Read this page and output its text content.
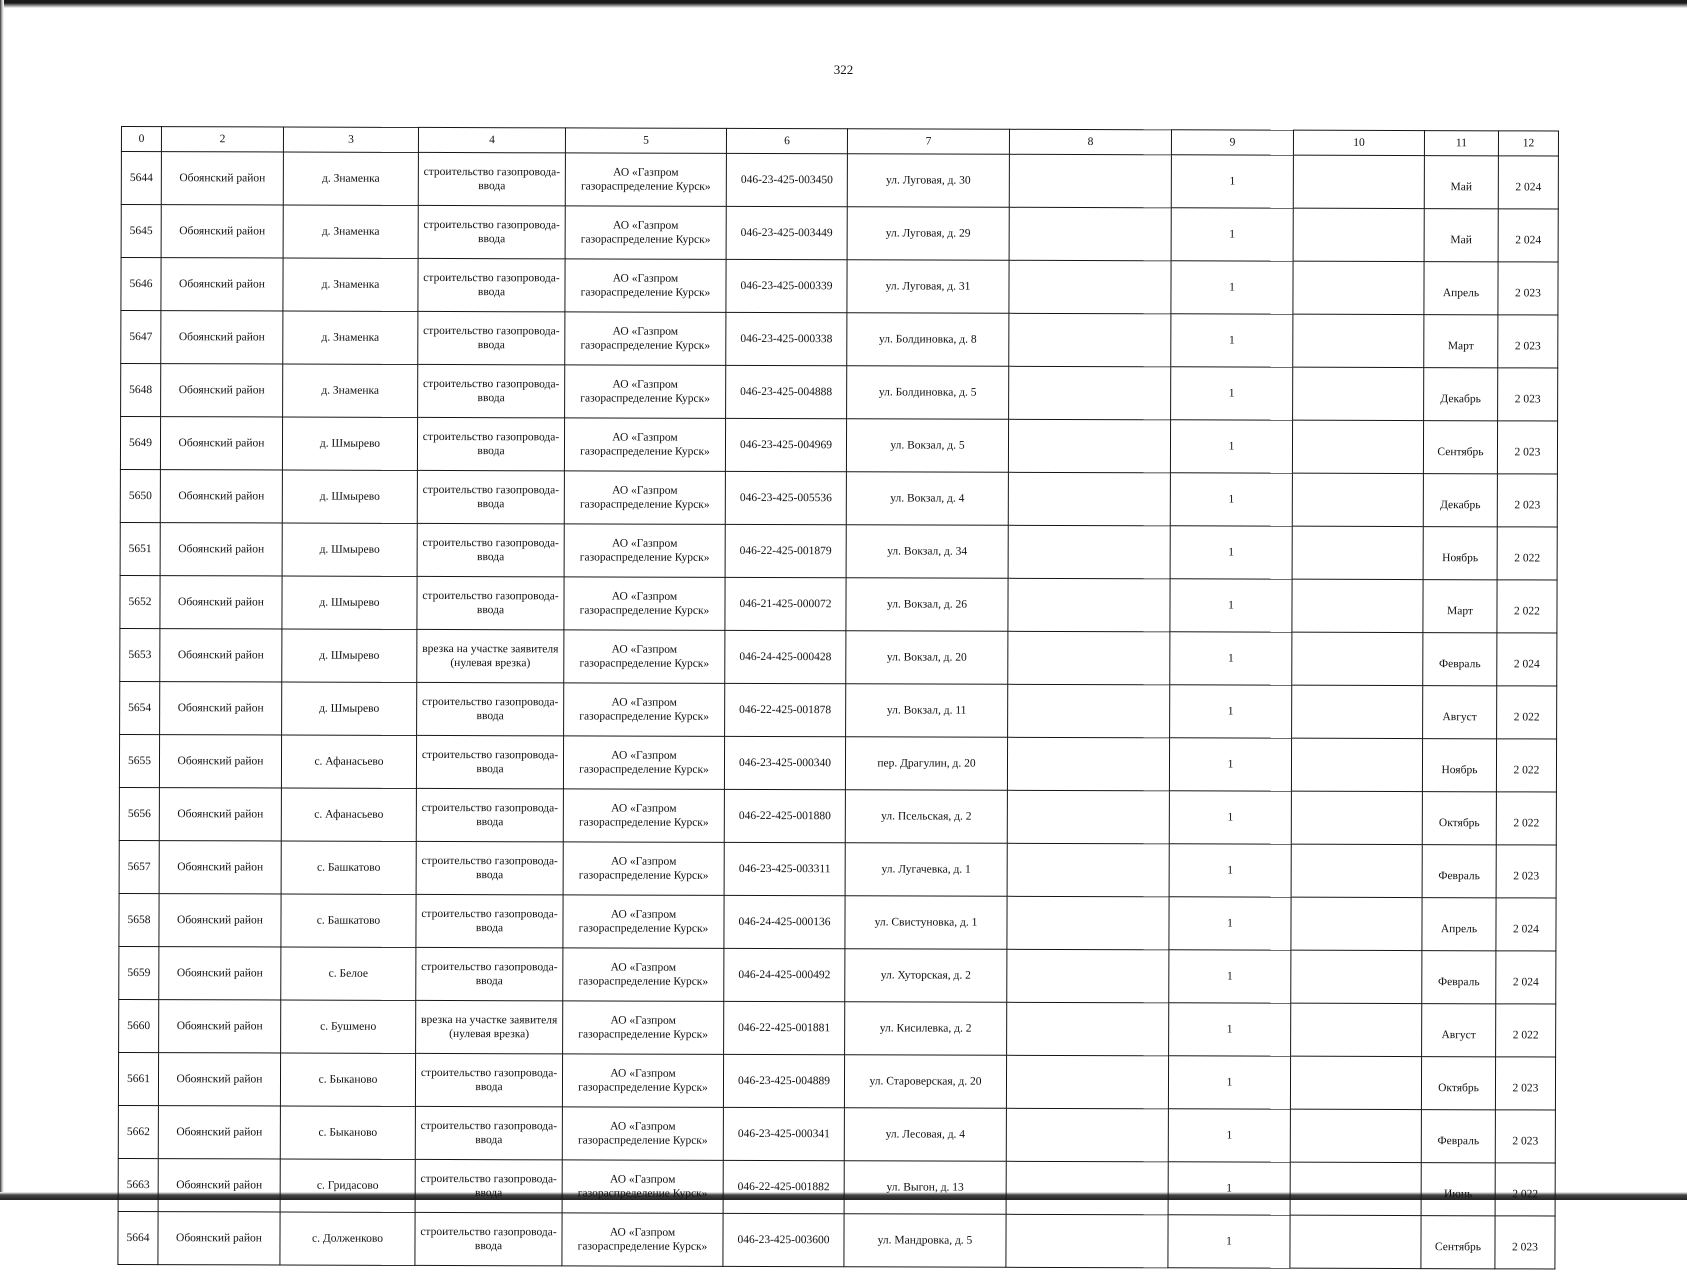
322
0	2	3	4	5	6	7	8	9	10	11	12
5644	Обоянский район	д. Знаменка	строительство газопровода-ввода	АО «Газпром газораспределение Курск»	046-23-425-003450	ул. Луговая, д. 30		1		Май	2 024
5645	Обоянский район	д. Знаменка	строительство газопровода-ввода	АО «Газпром газораспределение Курск»	046-23-425-003449	ул. Луговая, д. 29		1		Май	2 024
5646	Обоянский район	д. Знаменка	строительство газопровода-ввода	АО «Газпром газораспределение Курск»	046-23-425-000339	ул. Луговая, д. 31		1		Апрель	2 023
5647	Обоянский район	д. Знаменка	строительство газопровода-ввода	АО «Газпром газораспределение Курск»	046-23-425-000338	ул. Болдиновка, д. 8		1		Март	2 023
5648	Обоянский район	д. Знаменка	строительство газопровода-ввода	АО «Газпром газораспределение Курск»	046-23-425-004888	ул. Болдиновка, д. 5		1		Декабрь	2 023
5649	Обоянский район	д. Шмырево	строительство газопровода-ввода	АО «Газпром газораспределение Курск»	046-23-425-004969	ул. Вокзал, д. 5		1		Сентябрь	2 023
5650	Обоянский район	д. Шмырево	строительство газопровода-ввода	АО «Газпром газораспределение Курск»	046-23-425-005536	ул. Вокзал, д. 4		1		Декабрь	2 023
5651	Обоянский район	д. Шмырево	строительство газопровода-ввода	АО «Газпром газораспределение Курск»	046-22-425-001879	ул. Вокзал, д. 34		1		Ноябрь	2 022
5652	Обоянский район	д. Шмырево	строительство газопровода-ввода	АО «Газпром газораспределение Курск»	046-21-425-000072	ул. Вокзал, д. 26		1		Март	2 022
5653	Обоянский район	д. Шмырево	врезка на участке заявителя (нулевая врезка)	АО «Газпром газораспределение Курск»	046-24-425-000428	ул. Вокзал, д. 20		1		Февраль	2 024
5654	Обоянский район	д. Шмырево	строительство газопровода-ввода	АО «Газпром газораспределение Курск»	046-22-425-001878	ул. Вокзал, д. 11		1		Август	2 022
5655	Обоянский район	с. Афанасьево	строительство газопровода-ввода	АО «Газпром газораспределение Курск»	046-23-425-000340	пер. Драгулин, д. 20		1		Ноябрь	2 022
5656	Обоянский район	с. Афанасьево	строительство газопровода-ввода	АО «Газпром газораспределение Курск»	046-22-425-001880	ул. Псельская, д. 2		1		Октябрь	2 022
5657	Обоянский район	с. Башкатово	строительство газопровода-ввода	АО «Газпром газораспределение Курск»	046-23-425-003311	ул. Лугачевка, д. 1		1		Февраль	2 023
5658	Обоянский район	с. Башкатово	строительство газопровода-ввода	АО «Газпром газораспределение Курск»	046-24-425-000136	ул. Свистуновка, д. 1		1		Апрель	2 024
5659	Обоянский район	с. Белое	строительство газопровода-ввода	АО «Газпром газораспределение Курск»	046-24-425-000492	ул. Хуторская, д. 2		1		Февраль	2 024
5660	Обоянский район	с. Бушмено	врезка на участке заявителя (нулевая врезка)	АО «Газпром газораспределение Курск»	046-22-425-001881	ул. Кисилевка, д. 2		1		Август	2 022
5661	Обоянский район	с. Быканово	строительство газопровода-ввода	АО «Газпром газораспределение Курск»	046-23-425-004889	ул. Староверская, д. 20		1		Октябрь	2 023
5662	Обоянский район	с. Быканово	строительство газопровода-ввода	АО «Газпром газораспределение Курск»	046-23-425-000341	ул. Лесовая, д. 4		1		Февраль	2 023
5663	Обоянский район	с. Гридасово	строительство газопровода-ввода	АО «Газпром газораспределение Курск»	046-22-425-001882	ул. Выгон, д. 13		1		Июнь	2 022
5664	Обоянский район	с. Долженково	строительство газопровода-ввода	АО «Газпром газораспределение Курск»	046-23-425-003600	ул. Мандровка, д. 5		1		Сентябрь	2 023
